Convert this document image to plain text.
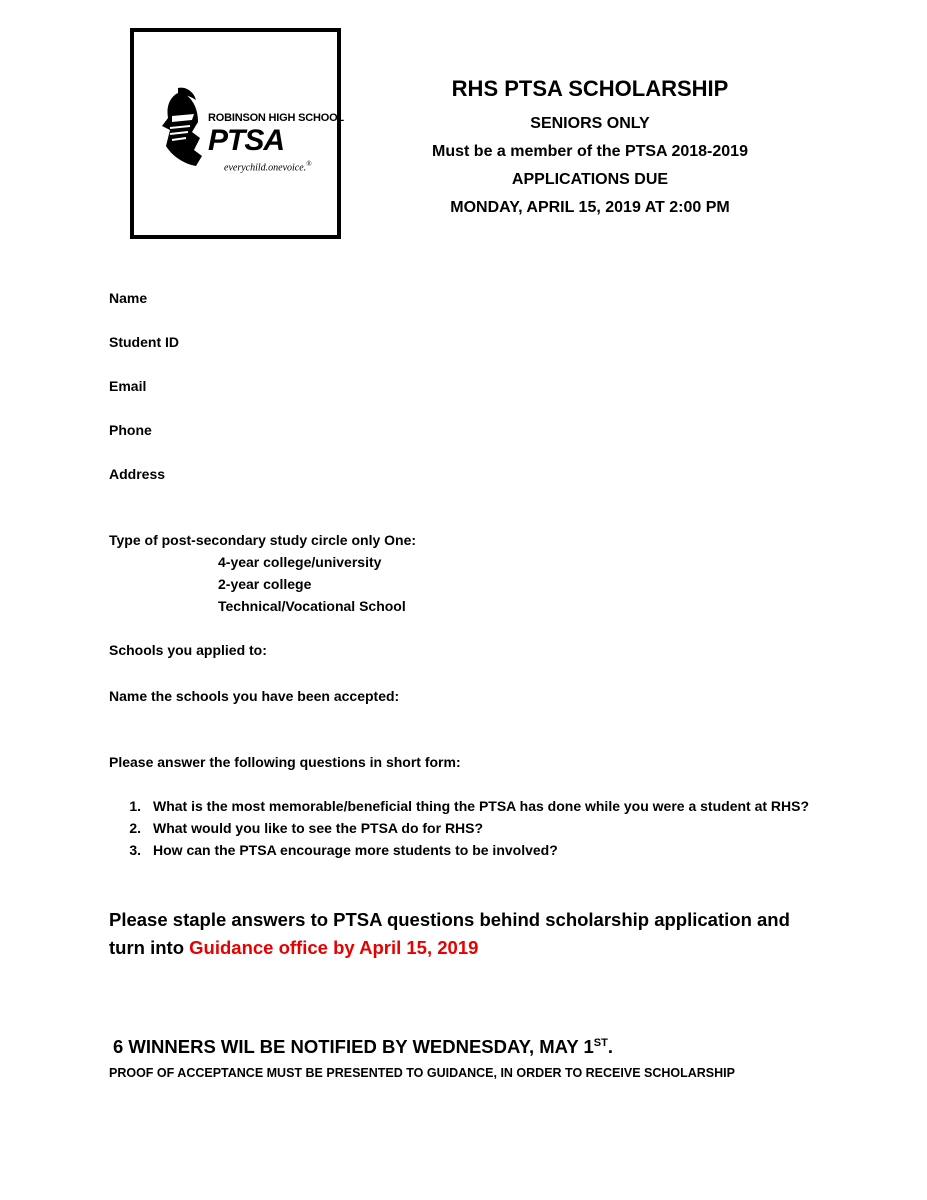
ROBINSON HIGH SCHOOL
PTSA
everychild.onevoice.®
RHS PTSA SCHOLARSHIP
SENIORS ONLY
Must be a member of the PTSA 2018-2019
APPLICATIONS DUE
MONDAY, APRIL 15, 2019 AT 2:00 PM
Name
Student ID
Email
Phone
Address
Type of post-secondary study circle only One:
4-year college/university
2-year college
Technical/Vocational School
Schools you applied to:
Name the schools you have been accepted:
Please answer the following questions in short form:
1. What is the most memorable/beneficial thing the PTSA has done while you were a student at RHS?
2. What would you like to see the PTSA do for RHS?
3. How can the PTSA encourage more students to be involved?
Please staple answers to PTSA questions behind scholarship application and turn into Guidance office by April 15, 2019
6 WINNERS WIL BE NOTIFIED BY WEDNESDAY, MAY 1ST.
PROOF OF ACCEPTANCE MUST BE PRESENTED TO GUIDANCE, IN ORDER TO RECEIVE SCHOLARSHIP
